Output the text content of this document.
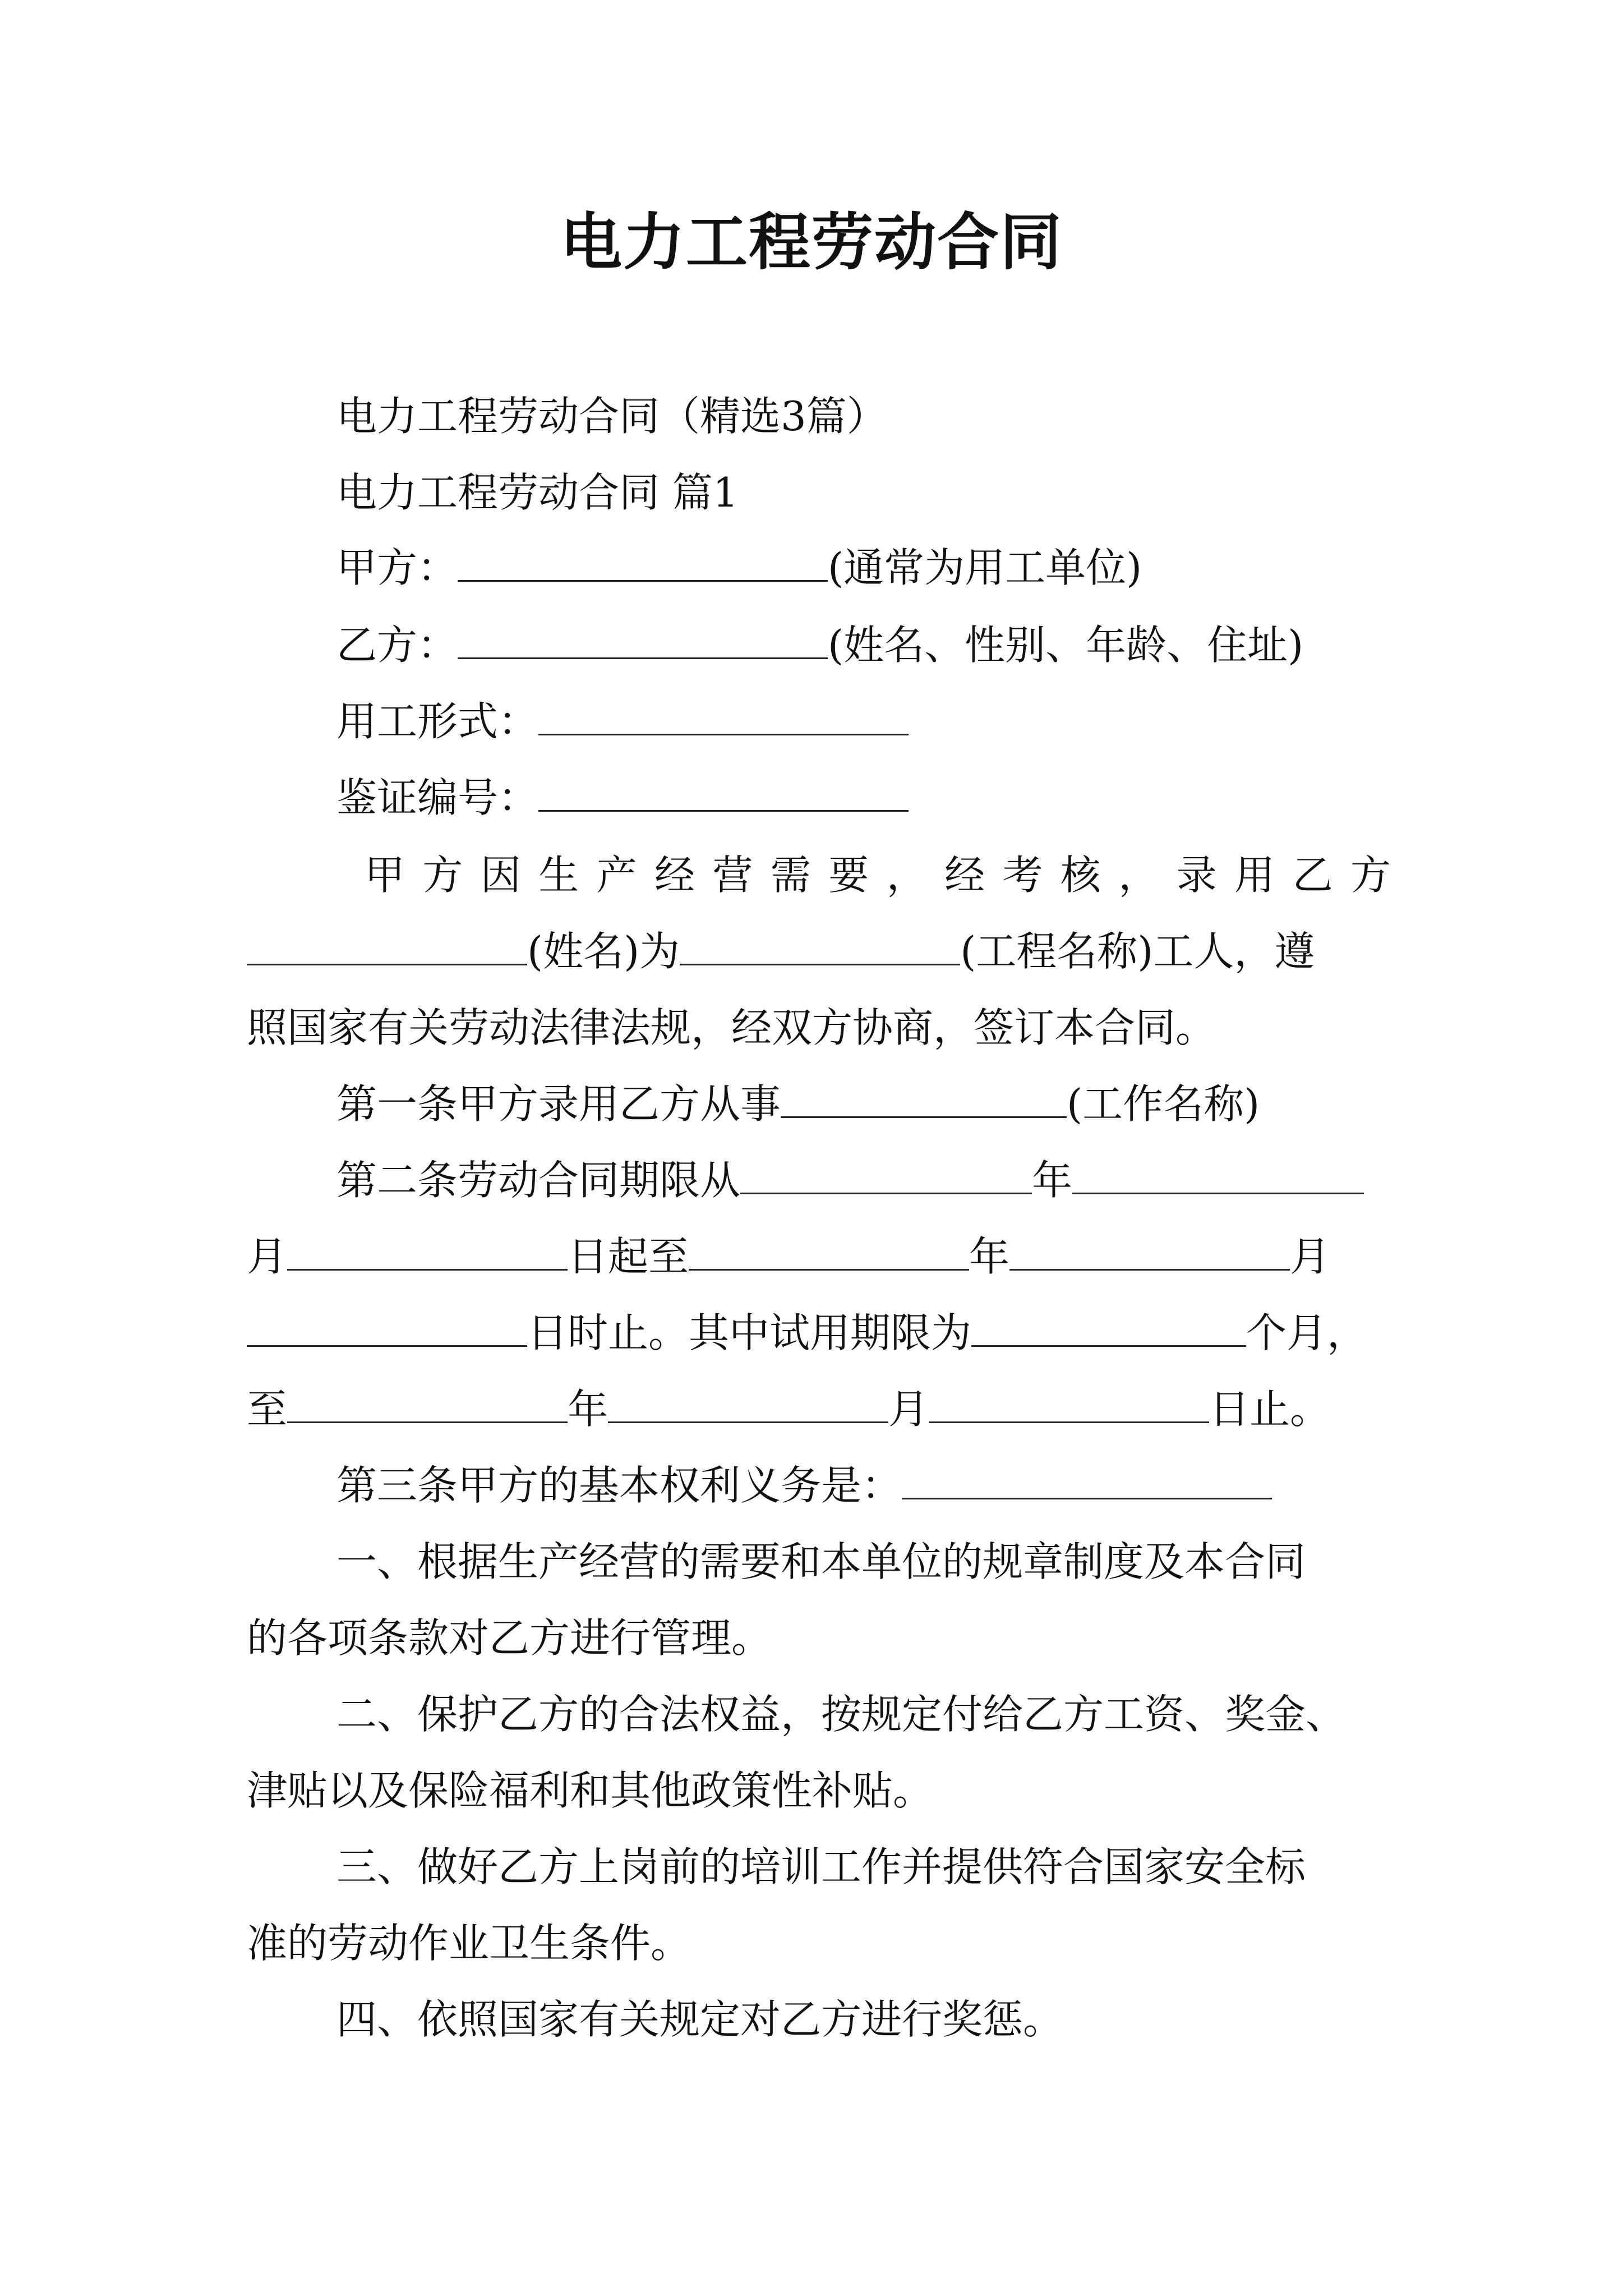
电力工程劳动合同
电力工程劳动合同（精选3篇）
电力工程劳动合同 篇1
甲方：	(通常为用工单位)
乙方：	(姓名、性别、年龄、住址)
用工形式：
鉴证编号：
甲方因生产经营需要，经考核，录用乙方
(姓名)为	(工程名称)工人，遵
照国家有关劳动法律法规，经双方协商，签订本合同。
第一条甲方录用乙方从事	(工作名称)
第二条劳动合同期限从	年
月	日起至	年	月
日时止。其中试用期限为	个月，
至	年	月	日止。
第三条甲方的基本权利义务是：
一、根据生产经营的需要和本单位的规章制度及本合同
的各项条款对乙方进行管理。
二、保护乙方的合法权益，按规定付给乙方工资、奖金、
津贴以及保险福利和其他政策性补贴。
三、做好乙方上岗前的培训工作并提供符合国家安全标
准的劳动作业卫生条件。
四、依照国家有关规定对乙方进行奖惩。
